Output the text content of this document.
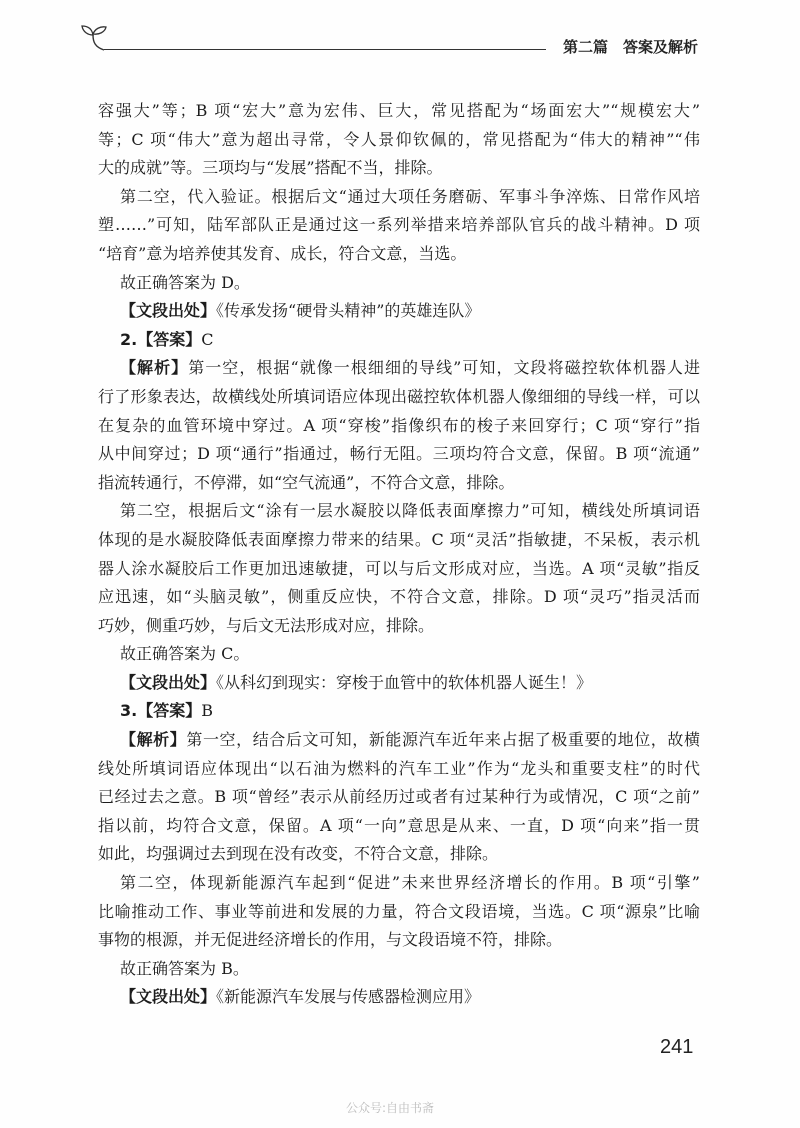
第二篇　答案及解析
容强大”等；B 项“宏大”意为宏伟、巨大，常见搭配为“场面宏大”“规模宏大”
等；C 项“伟大”意为超出寻常，令人景仰钦佩的，常见搭配为“伟大的精神”“伟
大的成就”等。三项均与“发展”搭配不当，排除。
第二空，代入验证。根据后文“通过大项任务磨砺、军事斗争淬炼、日常作风培
塑……”可知，陆军部队正是通过这一系列举措来培养部队官兵的战斗精神。D 项
“培育”意为培养使其发育、成长，符合文意，当选。
故正确答案为 D。
【文段出处】《传承发扬“硬骨头精神”的英雄连队》
2.【答案】C
【解析】第一空，根据“就像一根细细的导线”可知，文段将磁控软体机器人进
行了形象表达，故横线处所填词语应体现出磁控软体机器人像细细的导线一样，可以
在复杂的血管环境中穿过。A 项“穿梭”指像织布的梭子来回穿行；C 项“穿行”指
从中间穿过；D 项“通行”指通过，畅行无阻。三项均符合文意，保留。B 项“流通”
指流转通行，不停滞，如“空气流通”，不符合文意，排除。
第二空，根据后文“涂有一层水凝胶以降低表面摩擦力”可知，横线处所填词语
体现的是水凝胶降低表面摩擦力带来的结果。C 项“灵活”指敏捷，不呆板，表示机
器人涂水凝胶后工作更加迅速敏捷，可以与后文形成对应，当选。A 项“灵敏”指反
应迅速，如“头脑灵敏”，侧重反应快，不符合文意，排除。D 项“灵巧”指灵活而
巧妙，侧重巧妙，与后文无法形成对应，排除。
故正确答案为 C。
【文段出处】《从科幻到现实：穿梭于血管中的软体机器人诞生！》
3.【答案】B
【解析】第一空，结合后文可知，新能源汽车近年来占据了极重要的地位，故横
线处所填词语应体现出“以石油为燃料的汽车工业”作为“龙头和重要支柱”的时代
已经过去之意。B 项“曾经”表示从前经历过或者有过某种行为或情况，C 项“之前”
指以前，均符合文意，保留。A 项“一向”意思是从来、一直，D 项“向来”指一贯
如此，均强调过去到现在没有改变，不符合文意，排除。
第二空，体现新能源汽车起到“促进”未来世界经济增长的作用。B 项“引擎”
比喻推动工作、事业等前进和发展的力量，符合文段语境，当选。C 项“源泉”比喻
事物的根源，并无促进经济增长的作用，与文段语境不符，排除。
故正确答案为 B。
【文段出处】《新能源汽车发展与传感器检测应用》
241
公众号:自由书斋
